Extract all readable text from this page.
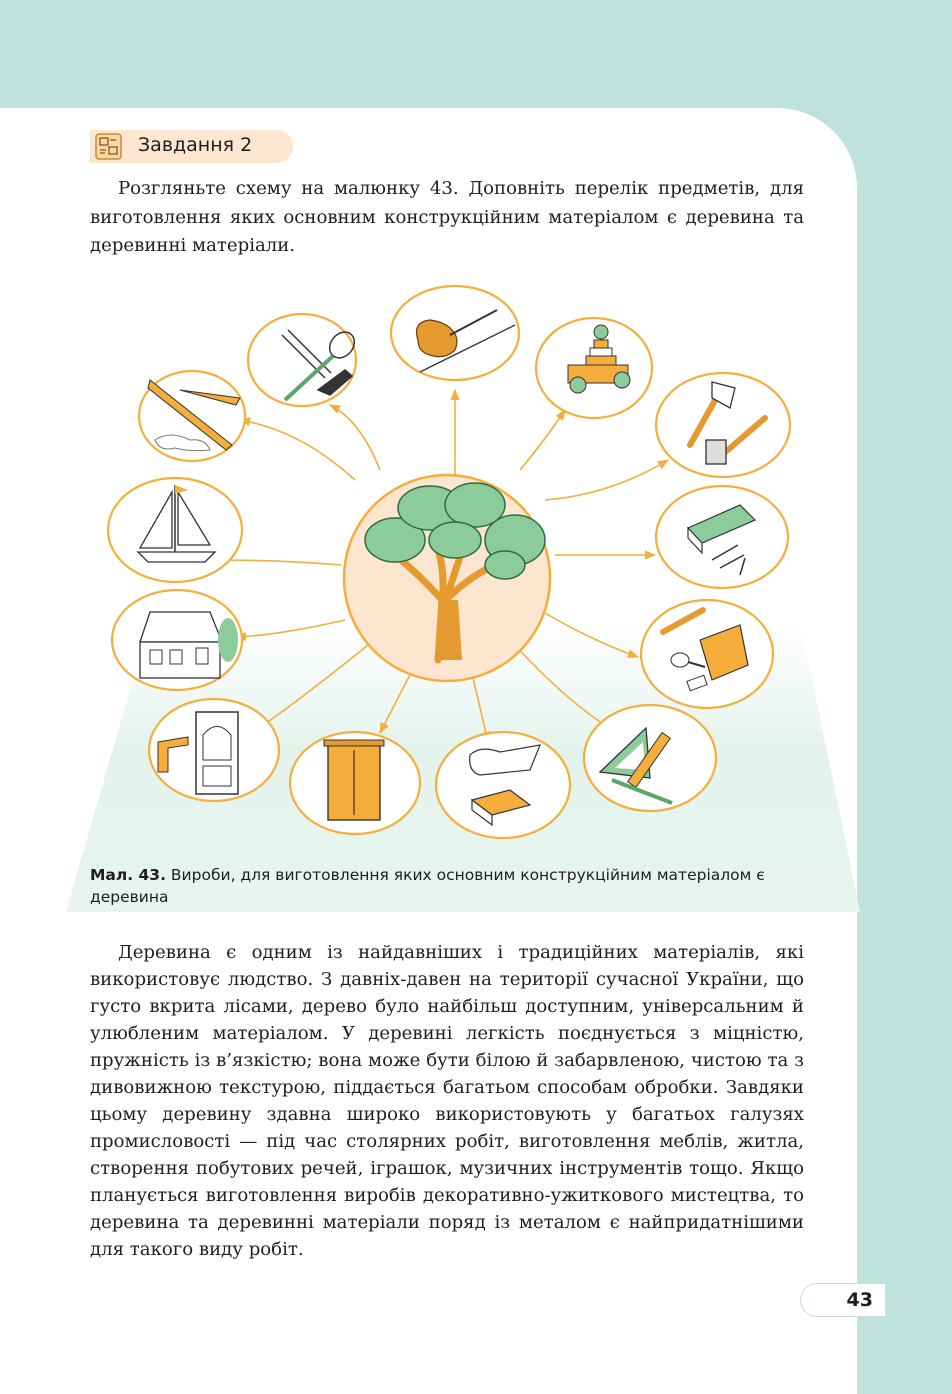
Завдання 2

Розгляньте схему на малюнку 43. Доповніть перелік предметів, для виготовлення яких основним конструкційним матеріалом є деревина та деревинні матеріали.

Мал. 43. Вироби, для виготовлення яких основним конструкційним матеріалом є деревина

Деревина є одним із найдавніших і традиційних матеріалів, які використовує людство. З давніх-давен на території сучасної України, що густо вкрита лісами, дерево було найбільш доступним, універсальним й улюбленим матеріалом. У деревині легкість поєднується з міцністю, пружність із в’язкістю; вона може бути білою й забарвленою, чистою та з дивовижною текстурою, піддається багатьом способам обробки. Завдяки цьому деревину здавна широко використовують у багатьох галузях промисловості — під час столярних робіт, виготовлення меблів, житла, створення побутових речей, іграшок, музичних інструментів тощо. Якщо планується виготовлення виробів декоративно-ужиткового мистецтва, то деревина та деревинні матеріали поряд із металом є найпридатнішими для такого виду робіт.

43
